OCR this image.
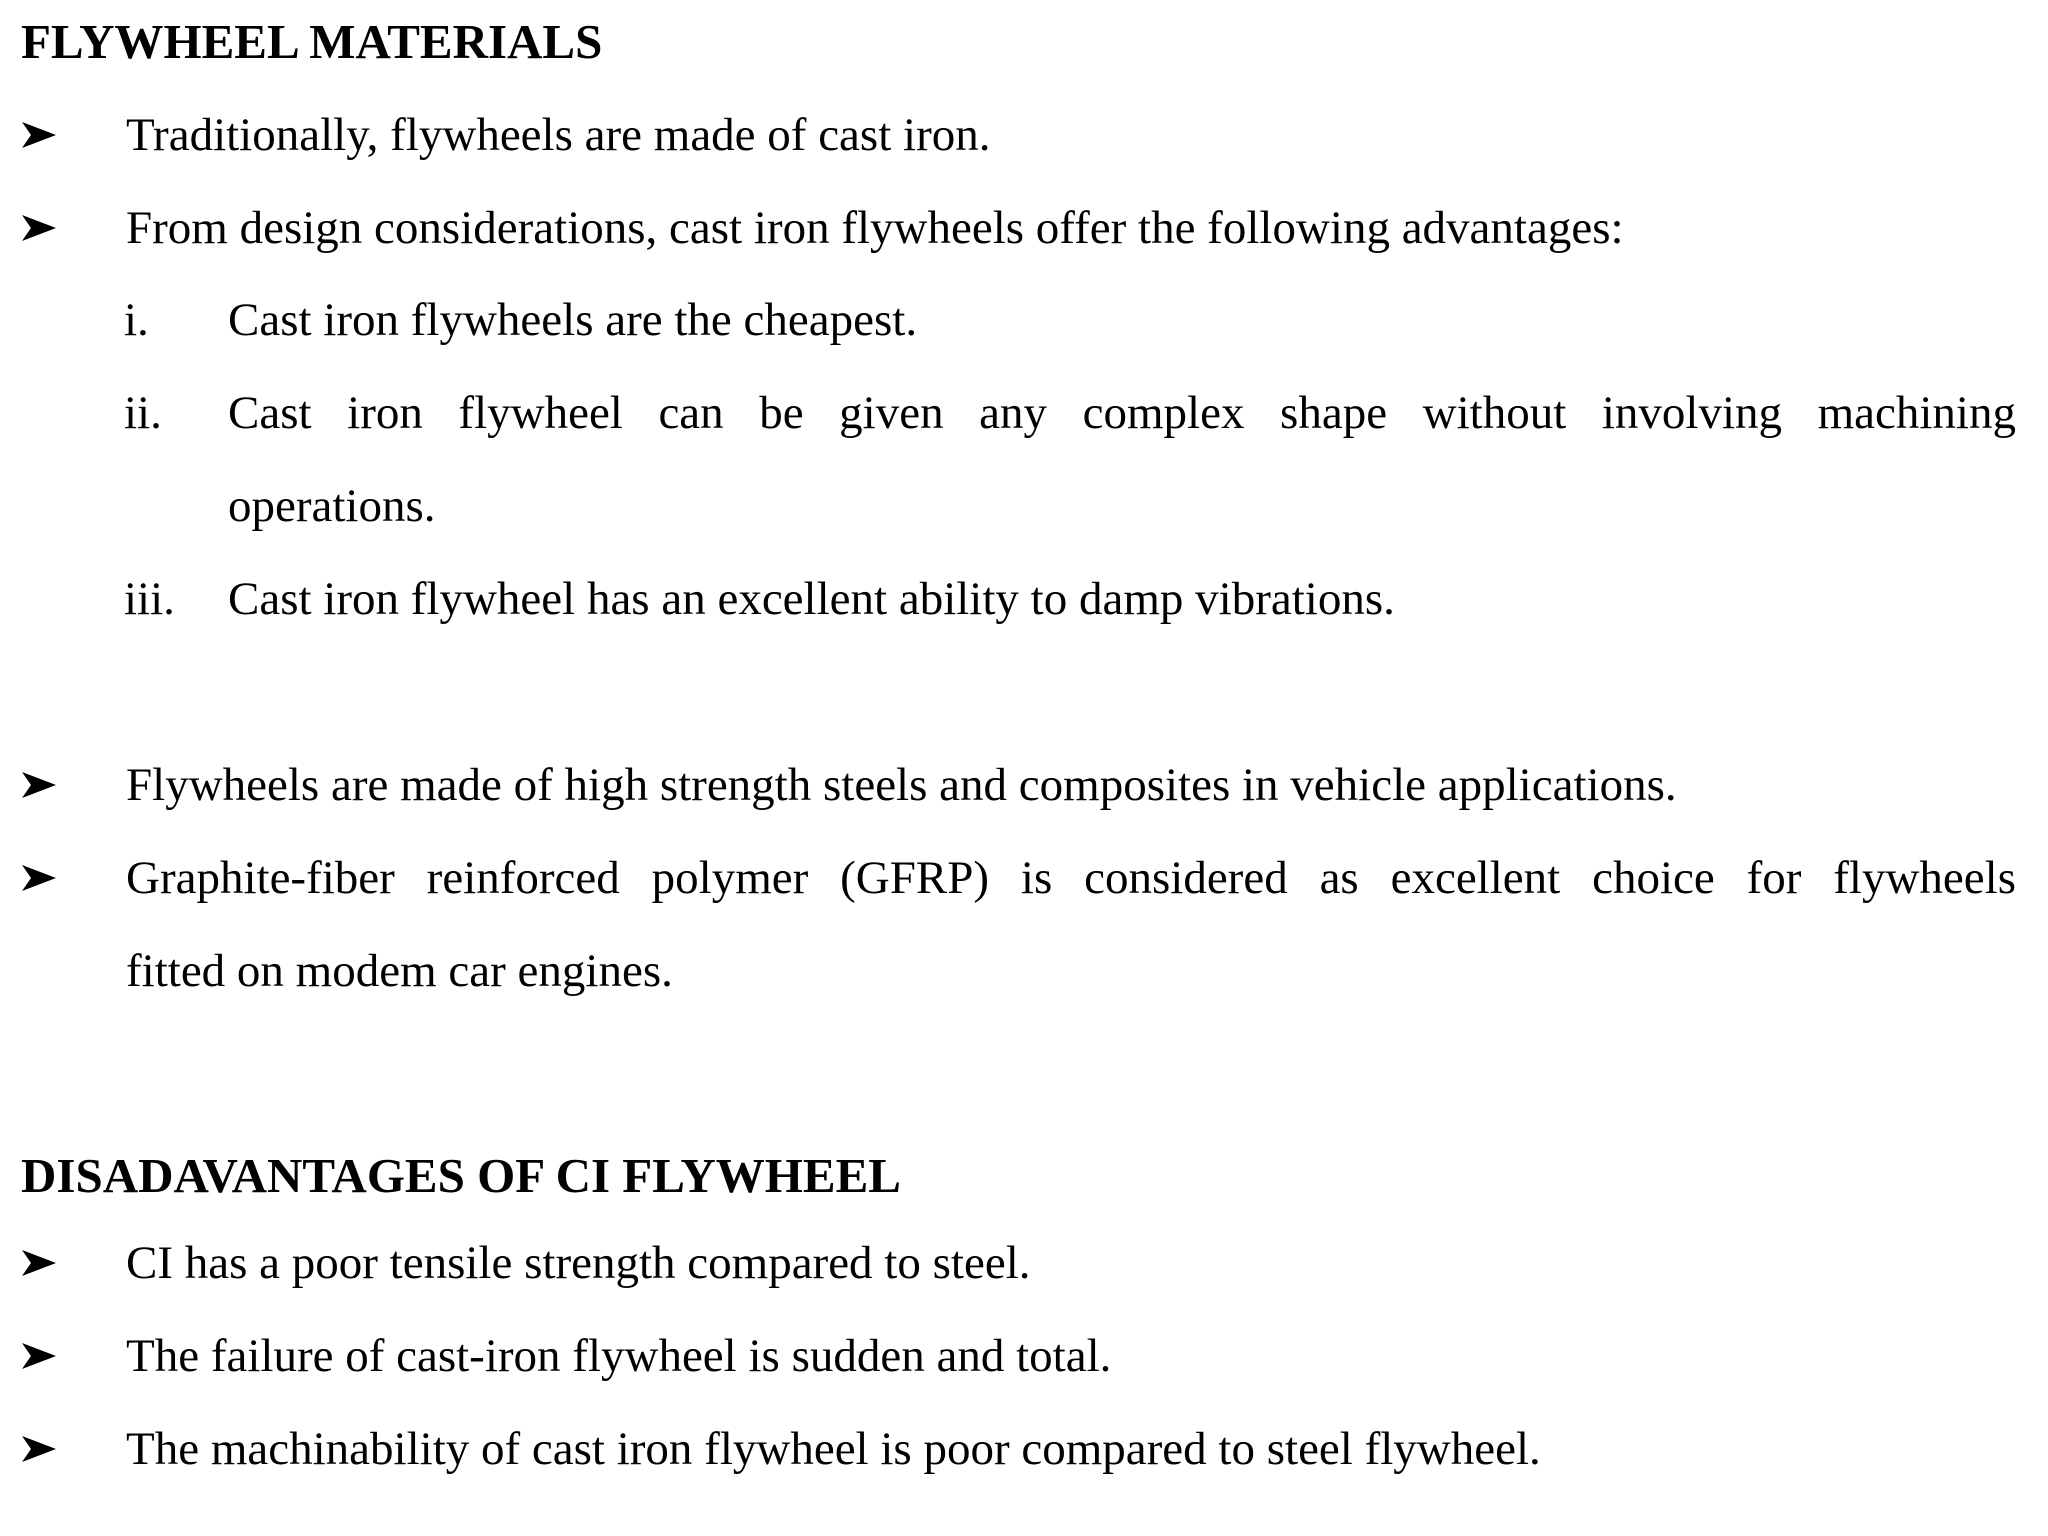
FLYWHEEL MATERIALS
Traditionally, flywheels are made of cast iron.
From design considerations, cast iron flywheels offer the following advantages:
i. Cast iron flywheels are the cheapest.
ii. Cast iron flywheel can be given any complex shape without involving machining
operations.
iii. Cast iron flywheel has an excellent ability to damp vibrations.
Flywheels are made of high strength steels and composites in vehicle applications.
Graphite-fiber reinforced polymer (GFRP) is considered as excellent choice for flywheels
fitted on modem car engines.
DISADAVANTAGES OF CI FLYWHEEL
CI has a poor tensile strength compared to steel.
The failure of cast-iron flywheel is sudden and total.
The machinability of cast iron flywheel is poor compared to steel flywheel.
